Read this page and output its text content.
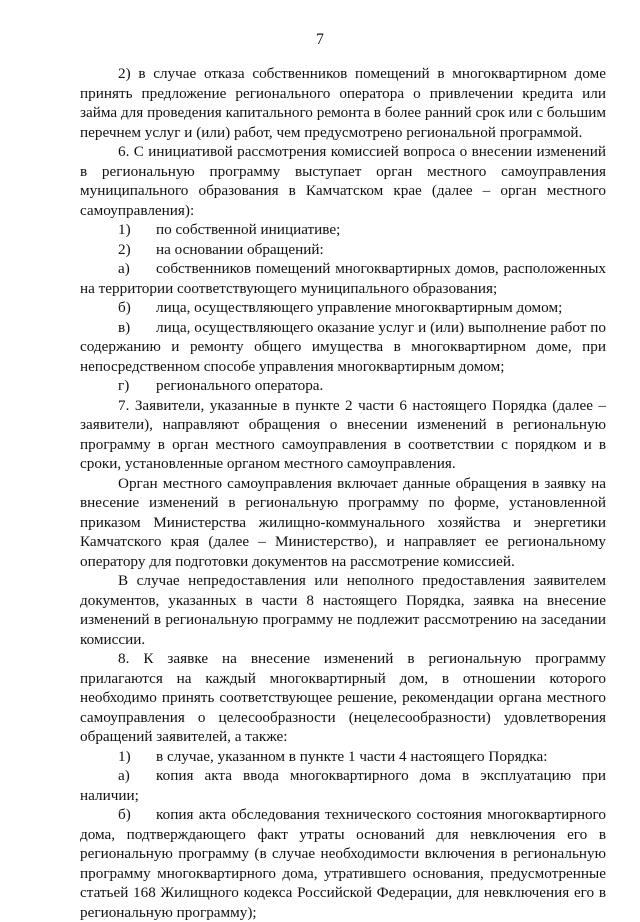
7

2) в случае отказа собственников помещений в многоквартирном доме принять предложение регионального оператора о привлечении кредита или займа для проведения капитального ремонта в более ранний срок или с большим перечнем услуг и (или) работ, чем предусмотрено региональной программой.

6. С инициативой рассмотрения комиссией вопроса о внесении изменений в региональную программу выступает орган местного самоуправления муниципального образования в Камчатском крае (далее – орган местного самоуправления):

1) по собственной инициативе;

2) на основании обращений:

а) собственников помещений многоквартирных домов, расположенных на территории соответствующего муниципального образования;

б) лица, осуществляющего управление многоквартирным домом;

в) лица, осуществляющего оказание услуг и (или) выполнение работ по содержанию и ремонту общего имущества в многоквартирном доме, при непосредственном способе управления многоквартирным домом;

г) регионального оператора.

7. Заявители, указанные в пункте 2 части 6 настоящего Порядка (далее – заявители), направляют обращения о внесении изменений в региональную программу в орган местного самоуправления в соответствии с порядком и в сроки, установленные органом местного самоуправления.

Орган местного самоуправления включает данные обращения в заявку на внесение изменений в региональную программу по форме, установленной приказом Министерства жилищно-коммунального хозяйства и энергетики Камчатского края (далее – Министерство), и направляет ее региональному оператору для подготовки документов на рассмотрение комиссией.

В случае непредоставления или неполного предоставления заявителем документов, указанных в части 8 настоящего Порядка, заявка на внесение изменений в региональную программу не подлежит рассмотрению на заседании комиссии.

8. К заявке на внесение изменений в региональную программу прилагаются на каждый многоквартирный дом, в отношении которого необходимо принять соответствующее решение, рекомендации органа местного самоуправления о целесообразности (нецелесообразности) удовлетворения обращений заявителей, а также:

1) в случае, указанном в пункте 1 части 4 настоящего Порядка:

а) копия акта ввода многоквартирного дома в эксплуатацию при наличии;

б) копия акта обследования технического состояния многоквартирного дома, подтверждающего факт утраты оснований для невключения его в региональную программу (в случае необходимости включения в региональную программу многоквартирного дома, утратившего основания, предусмотренные статьей 168 Жилищного кодекса Российской Федерации, для невключения его в региональную программу);
